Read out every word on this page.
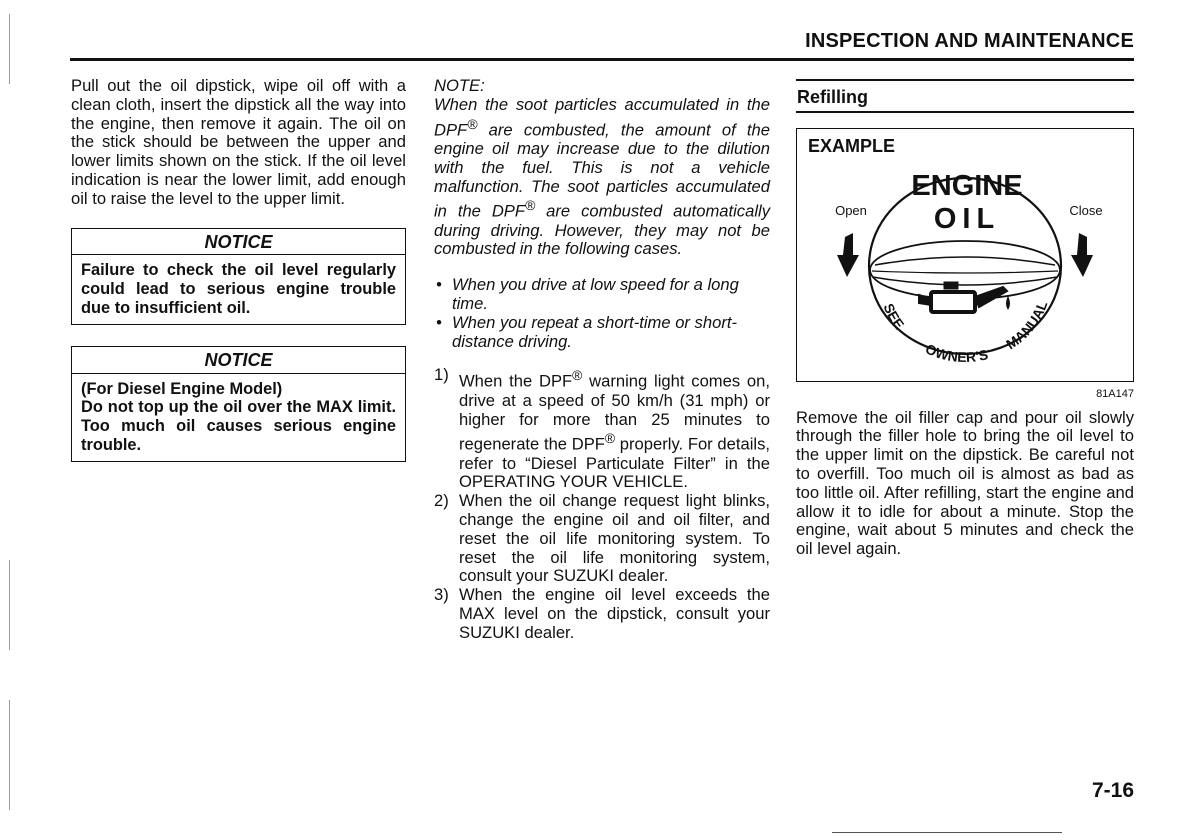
INSPECTION AND MAINTENANCE

Pull out the oil dipstick, wipe oil off with a clean cloth, insert the dipstick all the way into the engine, then remove it again. The oil on the stick should be between the upper and lower limits shown on the stick. If the oil level indication is near the lower limit, add enough oil to raise the level to the upper limit.

NOTICE
Failure to check the oil level regularly could lead to serious engine trouble due to insufficient oil.
NOTICE
(For Diesel Engine Model)
Do not top up the oil over the MAX limit. Too much oil causes serious engine trouble.
NOTE:

When the soot particles accumulated in the DPF® are combusted, the amount of the engine oil may increase due to the dilution with the fuel. This is not a vehicle malfunction. The soot particles accumulated in the DPF® are combusted automatically during driving. However, they may not be combusted in the following cases.

• When you drive at low speed for a long time.
• When you repeat a short-time or short-distance driving.
1) When the DPF® warning light comes on, drive at a speed of 50 km/h (31 mph) or higher for more than 25 minutes to regenerate the DPF® properly. For details, refer to “Diesel Particulate Filter” in the OPERATING YOUR VEHICLE.
2) When the oil change request light blinks, change the engine oil and oil filter, and reset the oil life monitoring system. To reset the oil life monitoring system, consult your SUZUKI dealer.
3) When the engine oil level exceeds the MAX level on the dipstick, consult your SUZUKI dealer.
Refilling
EXAMPLE
ENGINE
OIL
Open	Close
SEE
OWNER'S
MANUAL
81A147

Remove the oil filler cap and pour oil slowly through the filler hole to bring the oil level to the upper limit on the dipstick. Be careful not to overfill. Too much oil is almost as bad as too little oil. After refilling, start the engine and allow it to idle for about a minute. Stop the engine, wait about 5 minutes and check the oil level again.

7-16
